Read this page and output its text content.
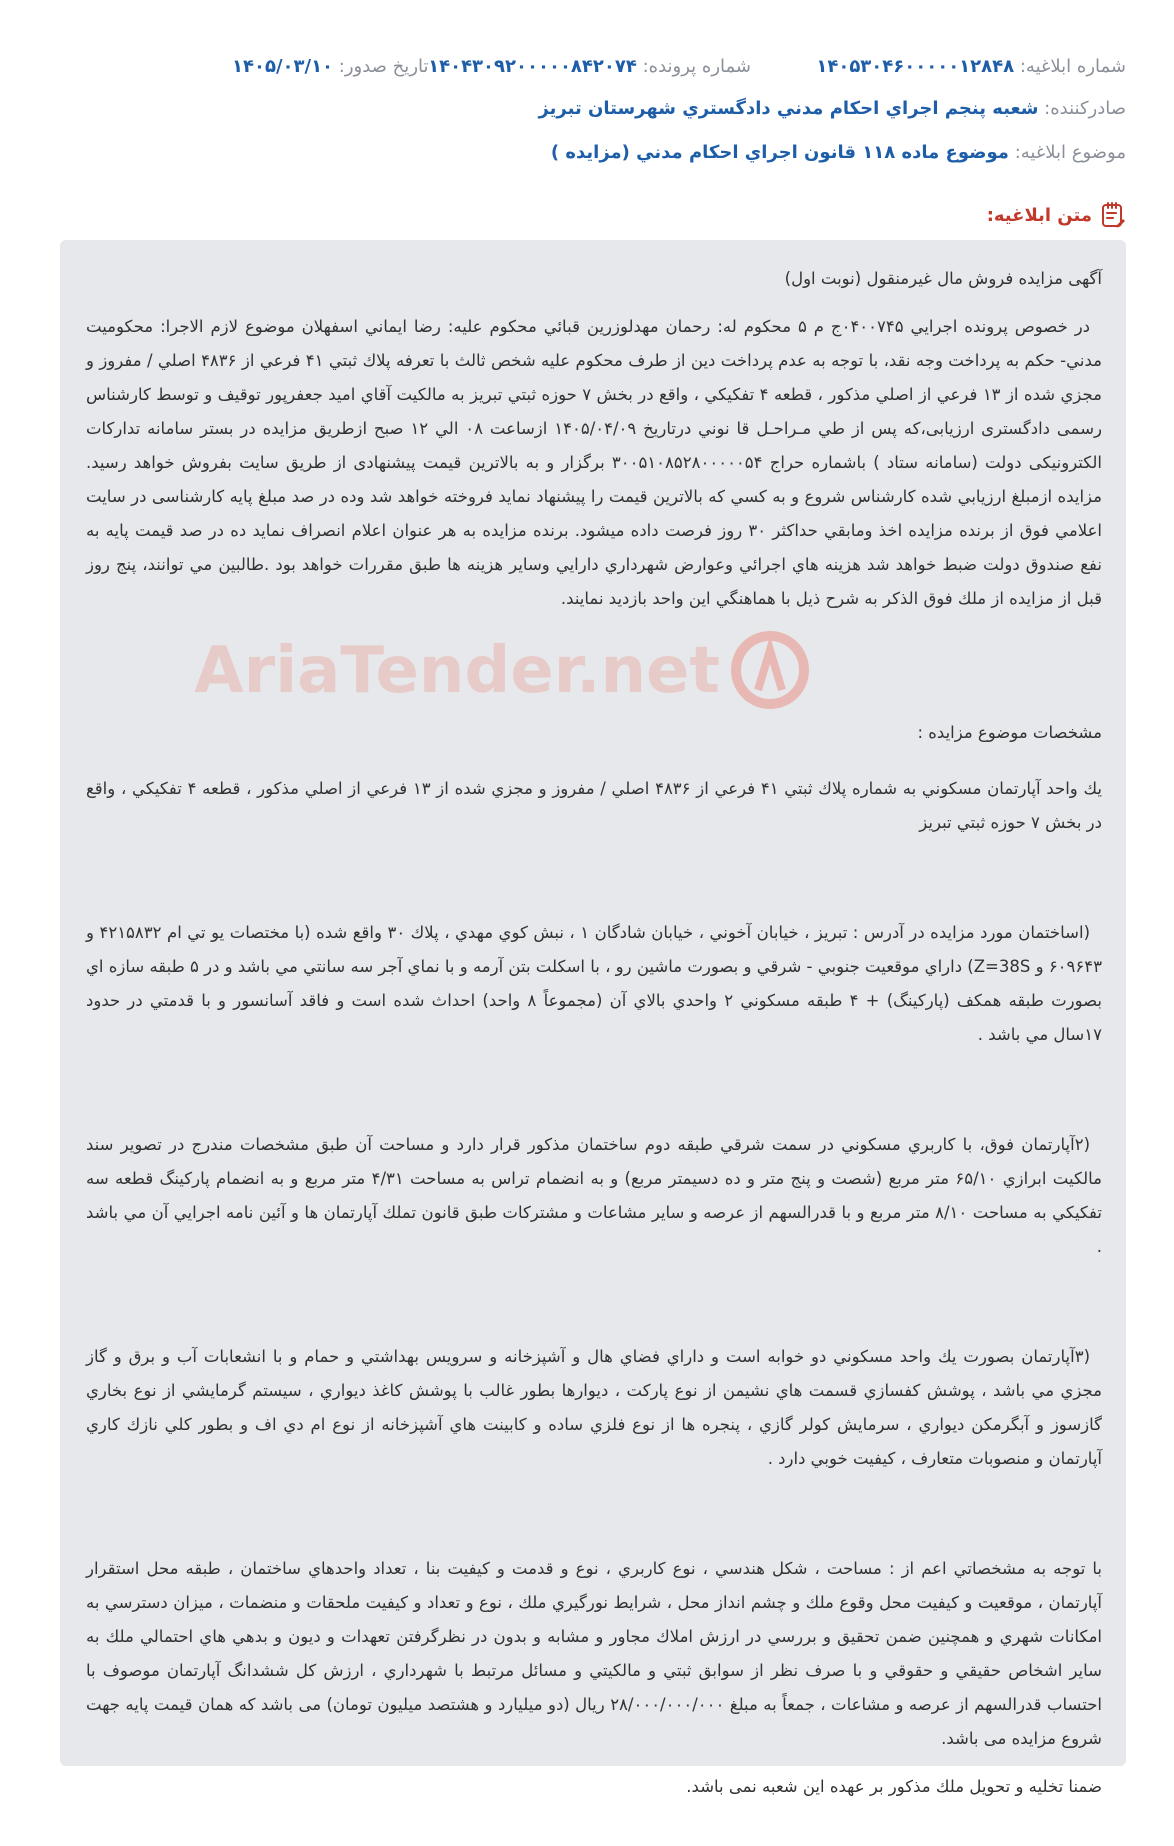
شماره ابلاغيه: ۱۴۰۵۳۰۴۶۰۰۰۰۰۱۲۸۴۸
شماره پرونده: ۱۴۰۴۳۰۹۲۰۰۰۰۰۸۴۲۰۷۴
تاريخ صدور: ۱۴۰۵/۰۳/۱۰
صادرکننده: شعبه پنجم اجراي احكام مدني دادگستري شهرستان تبريز
موضوع ابلاغيه: موضوع ماده ۱۱۸ قانون اجراي احكام مدني (مزايده )
متن ابلاغيه:
AriaTender.net

آگهی مزایده فروش مال غیرمنقول (نوبت اول)

در خصوص پرونده اجرايي ۰۴۰۰۷۴۵ج م ۵ محكوم له: رحمان مهدلوزرين قبائي محكوم عليه: رضا ايماني اسفهلان موضوع لازم الاجرا: محكوميت مدني- حكم به پرداخت وجه نقد، با توجه به عدم پرداخت دين از طرف محكوم عليه شخص ثالث با تعرفه پلاك ثبتي ۴۱ فرعي از ۴۸۳۶ اصلي / مفروز و مجزي شده از ۱۳ فرعي از اصلي مذكور ، قطعه ۴ تفكيكي ، واقع در بخش ۷ حوزه ثبتي تبريز به مالكيت آقاي اميد جعفرپور توقيف و توسط كارشناس رسمی دادگستری ارزيابی،که پس از طي مـراحـل قا نوني درتاريخ ۱۴۰۵/۰۴/۰۹ ازساعت ۰۸ الي ۱۲ صبح ازطريق مزايده در بستر سامانه تداركات الكترونيكی دولت (سامانه ستاد ) باشماره حراج ۳۰۰۵۱۰۸۵۲۸۰۰۰۰۰۵۴ برگزار و به بالاترين قيمت پيشنهادی از طريق سايت بفروش خواهد رسيد. مزايده ازمبلغ ارزيابي شده كارشناس شروع و به كسي كه بالاترين قيمت را پيشنهاد نمايد فروخته خواهد شد وده در صد مبلغ پايه كارشناسی در سايت اعلامي فوق از برنده مزايده اخذ ومابقي حداكثر ۳۰ روز فرصت داده ميشود. برنده مزايده به هر عنوان اعلام انصراف نمايد ده در صد قيمت پايه به نفع صندوق دولت ضبط خواهد شد هزينه هاي اجرائي وعوارض شهرداري دارايي وساير هزينه ها طبق مقررات خواهد بود .طالبين مي توانند، پنج روز قبل از مزايده از ملك فوق الذكر به شرح ذيل با هماهنگي اين واحد بازديد نمايند.

مشخصات موضوع مزايده :

يك واحد آپارتمان مسكوني به شماره پلاك ثبتي ۴۱ فرعي از ۴۸۳۶ اصلي / مفروز و مجزي شده از ۱۳ فرعي از اصلي مذكور ، قطعه ۴ تفكيكي ، واقع در بخش ۷ حوزه ثبتي تبريز

(اساختمان مورد مزايده در آدرس : تبريز ، خيابان آخوني ، خيابان شادگان ۱ ، نبش كوي مهدي ، پلاك ۳۰ واقع شده (با مختصات يو تي ام ۴۲۱۵۸۳۲ و ۶۰۹۶۴۳ و Z=38S) داراي موقعيت جنوبي - شرقي و بصورت ماشين رو ، با اسكلت بتن آرمه و با نماي آجر سه سانتي مي باشد و در ۵ طبقه سازه اي بصورت طبقه همكف (پاركينگ) + ۴ طبقه مسكوني ۲ واحدي بالاي آن (مجموعاً ۸ واحد) احداث شده است و فاقد آسانسور و با قدمتي در حدود ۱۷سال مي باشد .

(۲آپارتمان فوق، با كاربري مسكوني در سمت شرقي طبقه دوم ساختمان مذكور قرار دارد و مساحت آن طبق مشخصات مندرج در تصوير سند مالكيت ابرازي ۶۵/۱۰ متر مربع (شصت و پنج متر و ده دسيمتر مربع) و به انضمام تراس به مساحت ۴/۳۱ متر مربع و به انضمام پاركينگ قطعه سه تفكيكي به مساحت ۸/۱۰ متر مربع و با قدرالسهم از عرصه و ساير مشاعات و مشتركات طبق قانون تملك آپارتمان ها و آئين نامه اجرايي آن مي باشد .

(۳آپارتمان بصورت يك واحد مسكوني دو خوابه است و داراي فضاي هال و آشپزخانه و سرويس بهداشتي و حمام و با انشعابات آب و برق و گاز مجزي مي باشد ، پوشش كفسازي قسمت هاي نشيمن از نوع پاركت ، ديوارها بطور غالب با پوشش كاغذ ديواري ، سيستم گرمايشي از نوع بخاري گازسوز و آبگرمكن ديواري ، سرمايش كولر گازي ، پنجره ها از نوع فلزي ساده و كابينت هاي آشپزخانه از نوع ام دي اف و بطور كلي نازك كاري آپارتمان و منصوبات متعارف ، كيفيت خوبي دارد .

با توجه به مشخصاتي اعم از : مساحت ، شكل هندسي ، نوع كاربري ، نوع و قدمت و كيفيت بنا ، تعداد واحدهاي ساختمان ، طبقه محل استقرار آپارتمان ، موقعيت و كيفيت محل وقوع ملك و چشم انداز محل ، شرايط نورگيري ملك ، نوع و تعداد و كيفيت ملحقات و منضمات ، ميزان دسترسي به امكانات شهري و همچنين ضمن تحقيق و بررسي در ارزش املاك مجاور و مشابه و بدون در نظرگرفتن تعهدات و ديون و بدهي هاي احتمالي ملك به ساير اشخاص حقيقي و حقوقي و با صرف نظر از سوابق ثبتي و مالكيتي و مسائل مرتبط با شهرداري ، ارزش كل ششدانگ آپارتمان موصوف با احتساب قدرالسهم از عرصه و مشاعات ، جمعاً به مبلغ ۲۸/۰۰۰/۰۰۰/۰۰۰ ريال (دو ميليارد و هشتصد ميليون تومان) می باشد كه همان قيمت پايه جهت شروع مزايده می باشد.

ضمنا تخليه و تحويل ملك مذكور بر عهده اين شعبه نمی باشد.
